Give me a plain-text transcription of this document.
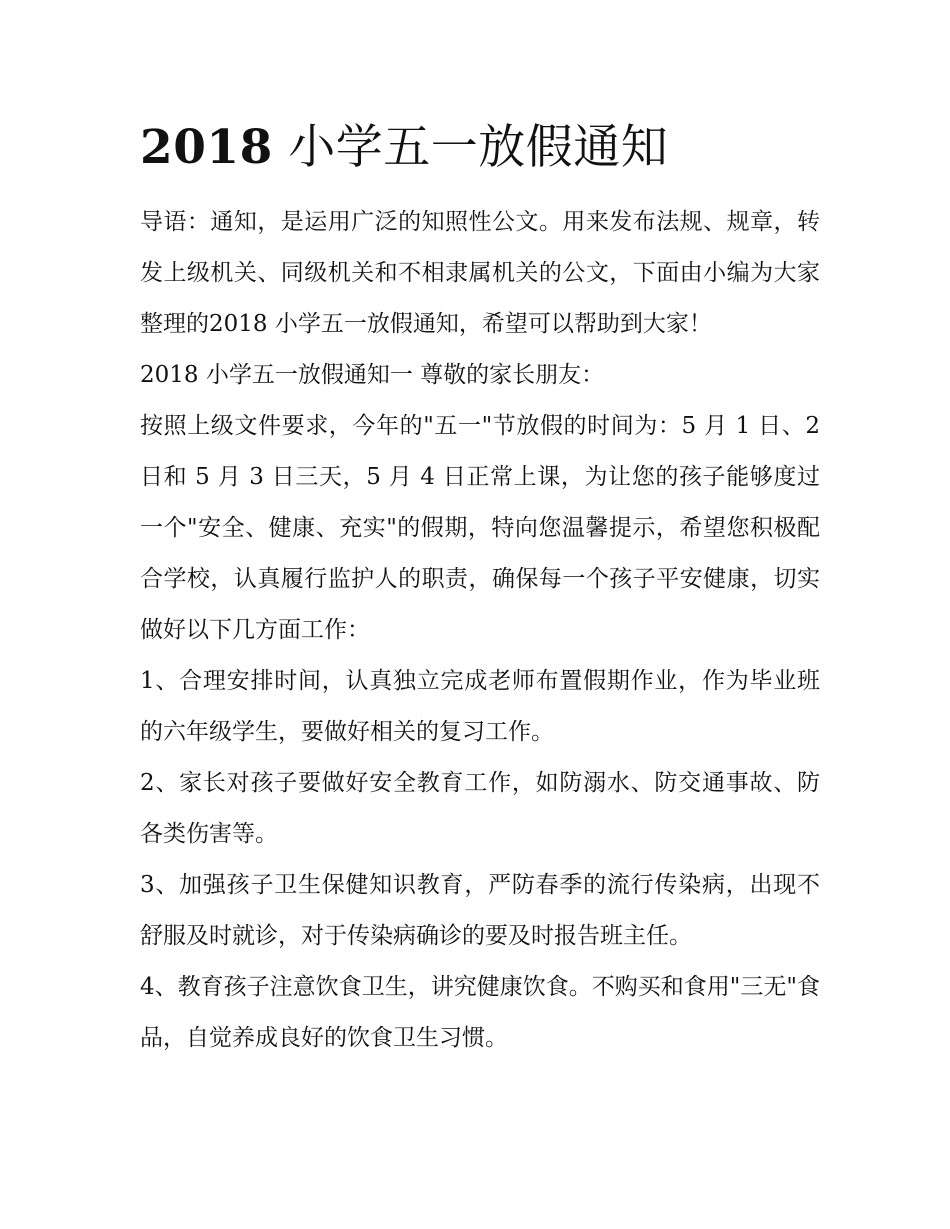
2018 小学五一放假通知

导语：通知，是运用广泛的知照性公文。用来发布法规、规章，转发上级机关、同级机关和不相隶属机关的公文，下面由小编为大家整理的2018 小学五一放假通知，希望可以帮助到大家！

2018 小学五一放假通知一 尊敬的家长朋友：

按照上级文件要求，今年的"五一"节放假的时间为：5 月 1 日、2 日和 5 月 3 日三天，5 月 4 日正常上课，为让您的孩子能够度过一个"安全、健康、充实"的假期，特向您温馨提示，希望您积极配合学校，认真履行监护人的职责，确保每一个孩子平安健康，切实做好以下几方面工作：

1、合理安排时间，认真独立完成老师布置假期作业，作为毕业班的六年级学生，要做好相关的复习工作。

2、家长对孩子要做好安全教育工作，如防溺水、防交通事故、防各类伤害等。

3、加强孩子卫生保健知识教育，严防春季的流行传染病，出现不舒服及时就诊，对于传染病确诊的要及时报告班主任。

4、教育孩子注意饮食卫生，讲究健康饮食。不购买和食用"三无"食品，自觉养成良好的饮食卫生习惯。
